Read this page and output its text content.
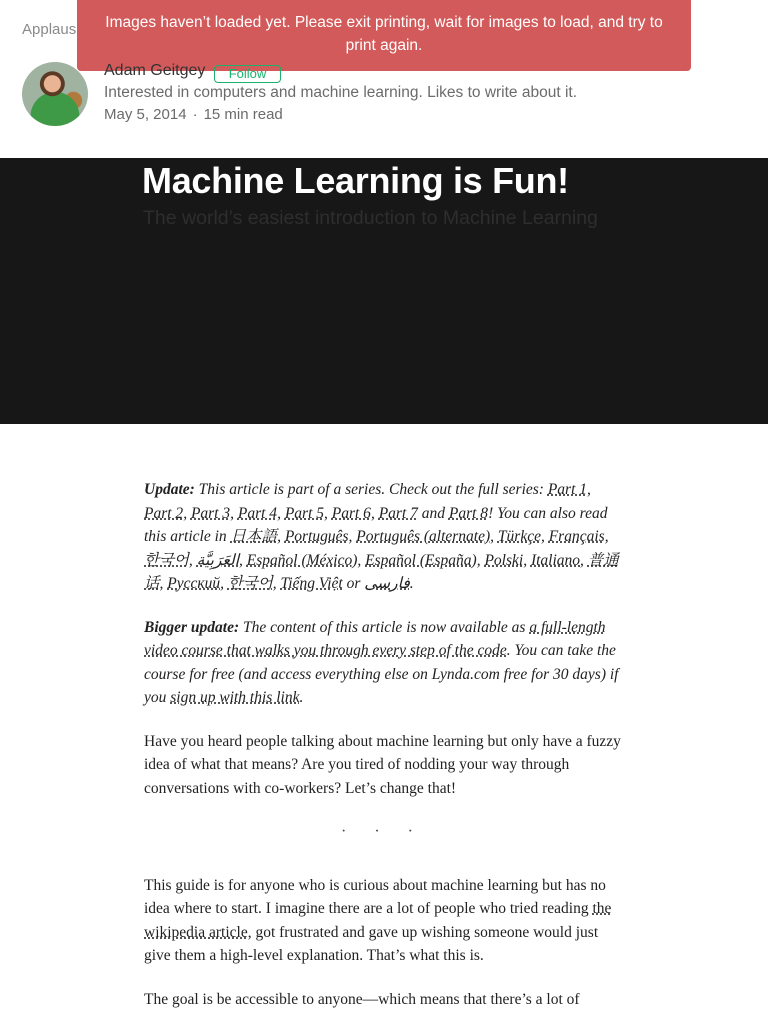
Applaus	Images haven’t loaded yet. Please exit printing, wait for images to load, and try to print again.
Adam Geitgey	Follow
Interested in computers and machine learning. Likes to write about it.
May 5, 2014 · 15 min read
Machine Learning is Fun!
The world’s easiest introduction to Machine Learning

Update: This article is part of a series. Check out the full series: Part 1, Part 2, Part 3, Part 4, Part 5, Part 6, Part 7 and Part 8! You can also read this article in 日本語, Português, Português (alternate), Türkçe, Français, 한국어, العَرَبِيَّة‎, Español (México), Español (España), Polski, Italiano, 普通话, Русский, 한국어, Tiếng Việt or فارسی.

Bigger update: The content of this article is now available as a full-length video course that walks you through every step of the code. You can take the course for free (and access everything else on Lynda.com free for 30 days) if you sign up with this link.

Have you heard people talking about machine learning but only have a fuzzy idea of what that means? Are you tired of nodding your way through conversations with co-workers? Let’s change that!

· · ·

This guide is for anyone who is curious about machine learning but has no idea where to start. I imagine there are a lot of people who tried reading the wikipedia article, got frustrated and gave up wishing someone would just give them a high-level explanation. That’s what this is.

The goal is be accessible to anyone—which means that there’s a lot of
